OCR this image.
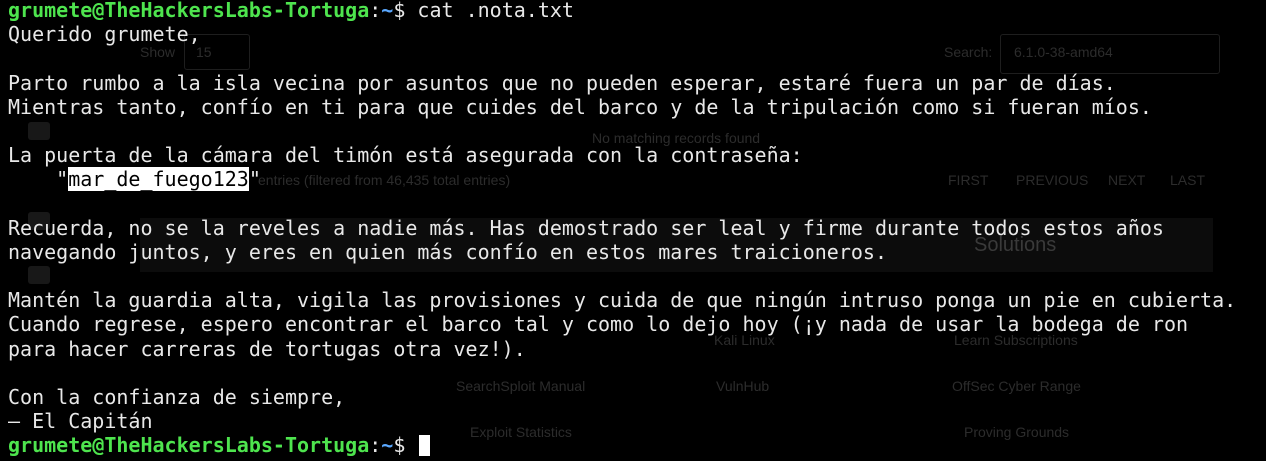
Show 15	Search: 6.1.0-38-amd64
No matching records found
entries (filtered from 46,435 total entries)	FIRST PREVIOUS NEXT LAST
Solutions
Kali Linux	Learn Subscriptions
SearchSploit Manual	VulnHub	OffSec Cyber Range
Exploit Statistics	Proving Grounds
grumete@TheHackersLabs-Tortuga:~$ cat .nota.txt
Querido grumete,

Parto rumbo a la isla vecina por asuntos que no pueden esperar, estaré fuera un par de días.
Mientras tanto, confío en ti para que cuides del barco y de la tripulación como si fueran míos.

La puerta de la cámara del timón está asegurada con la contraseña:
"mar_de_fuego123"

Recuerda, no se la reveles a nadie más. Has demostrado ser leal y firme durante todos estos años
navegando juntos, y eres en quien más confío en estos mares traicioneros.

Mantén la guardia alta, vigila las provisiones y cuida de que ningún intruso ponga un pie en cubierta.
Cuando regrese, espero encontrar el barco tal y como lo dejo hoy (¡y nada de usar la bodega de ron
para hacer carreras de tortugas otra vez!).

Con la confianza de siempre,
— El Capitán
grumete@TheHackersLabs-Tortuga:~$
